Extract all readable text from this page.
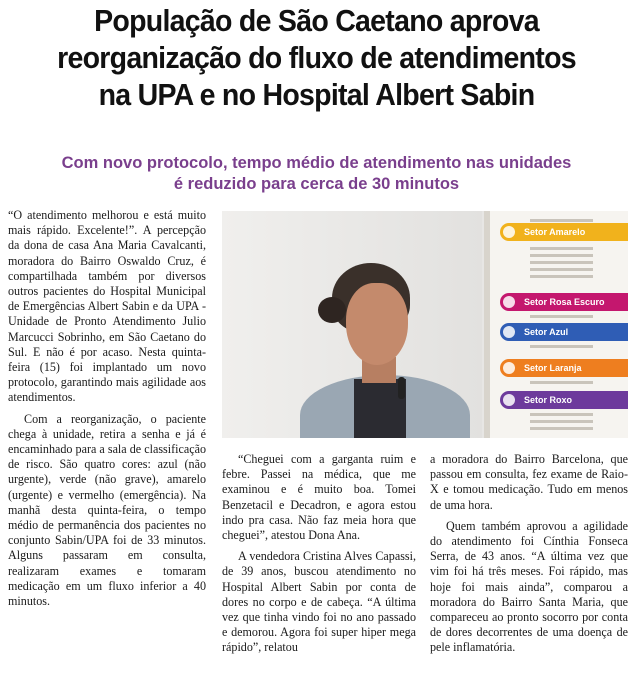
População de São Caetano aprova
reorganização do fluxo de atendimentos
na UPA e no Hospital Albert Sabin
Com novo protocolo, tempo médio de atendimento nas unidades
é reduzido para cerca de 30 minutos

“O atendimento melhorou e está muito mais rápido. Excelente!”. A percepção da dona de casa Ana Maria Cavalcanti, moradora do Bairro Oswaldo Cruz, é compartilhada também por diversos outros pacientes do Hospital Municipal de Emergências Albert Sabin e da UPA - Unidade de Pronto Atendimento Julio Marcucci Sobrinho, em São Caetano do Sul. E não é por acaso. Nesta quinta-feira (15) foi implantado um novo protocolo, garantindo mais agilidade aos atendimentos.

Com a reorganização, o paciente chega à unidade, retira a senha e já é encaminhado para a sala de classificação de risco. São quatro cores: azul (não urgente), verde (não grave), amarelo (urgente) e vermelho (emergência). Na manhã desta quinta-feira, o tempo médio de permanência dos pacientes no conjunto Sabin/UPA foi de 33 minutos. Alguns passaram em consulta, realizaram exames e tomaram medicação em um fluxo inferior a 40 minutos.

Setor Amarelo
Setor Rosa Escuro
Setor Azul
Setor Laranja
Setor Roxo

“Cheguei com a garganta ruim e febre. Passei na médica, que me examinou e é muito boa. Tomei Benzetacil e Decadron, e agora estou indo pra casa. Não faz meia hora que cheguei”, atestou Dona Ana.

A vendedora Cristina Alves Capassi, de 39 anos, buscou atendimento no Hospital Albert Sabin por conta de dores no corpo e de cabeça. “A última vez que tinha vindo foi no ano passado e demorou. Agora foi super hiper mega rápido”, relatou

a moradora do Bairro Barcelona, que passou em consulta, fez exame de Raio-X e tomou medicação. Tudo em menos de uma hora.

Quem também aprovou a agilidade do atendimento foi Cínthia Fonseca Serra, de 43 anos. “A última vez que vim foi há três meses. Foi rápido, mas hoje foi mais ainda”, comparou a moradora do Bairro Santa Maria, que compareceu ao pronto socorro por conta de dores decorrentes de uma doença de pele inflamatória.
